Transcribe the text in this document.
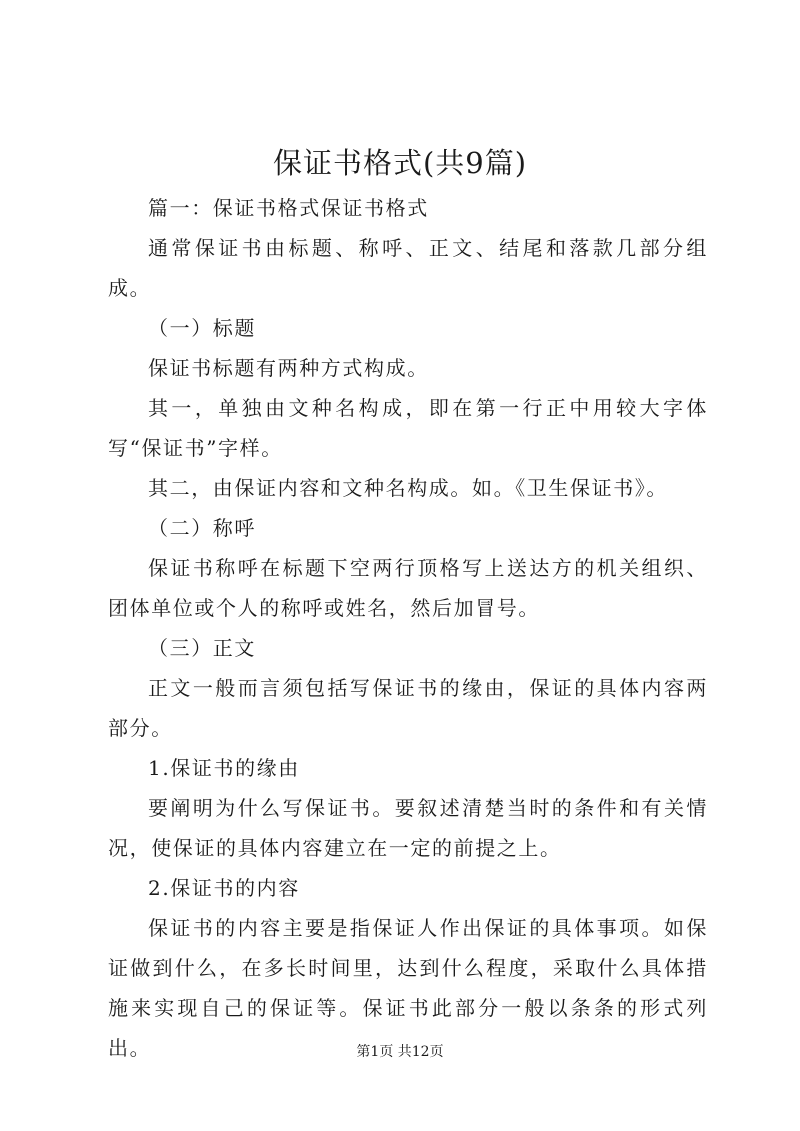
保证书格式(共9篇)

篇一：保证书格式保证书格式

通常保证书由标题、称呼、正文、结尾和落款几部分组成。

（一）标题

保证书标题有两种方式构成。

其一，单独由文种名构成，即在第一行正中用较大字体写“保证书”字样。

其二，由保证内容和文种名构成。如。《卫生保证书》。

（二）称呼

保证书称呼在标题下空两行顶格写上送达方的机关组织、团体单位或个人的称呼或姓名，然后加冒号。

（三）正文

正文一般而言须包括写保证书的缘由，保证的具体内容两部分。

1.保证书的缘由

要阐明为什么写保证书。要叙述清楚当时的条件和有关情况，使保证的具体内容建立在一定的前提之上。

2.保证书的内容

保证书的内容主要是指保证人作出保证的具体事项。如保证做到什么，在多长时间里，达到什么程度，采取什么具体措施来实现自己的保证等。保证书此部分一般以条条的形式列出。	第1页 共12页
